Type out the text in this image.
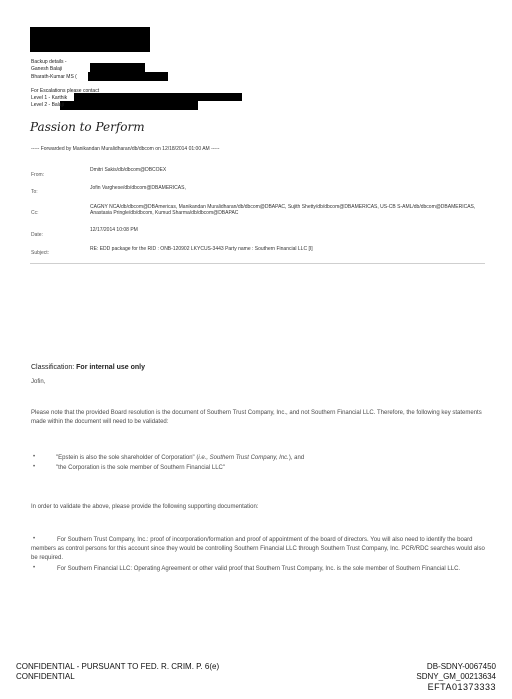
Backup details -
Ganesh Balaji
Bharath-Kumar MS (
For Escalations please contact
Level 1 - Karthik
Level 2 - Balaji
Passion to Perform
----- Forwarded by Manikandan Muralidharan/db/dbcom on 12/18/2014 01:00 AM -----
From:
Dmitri Sakis/db/dbcom@DBCOEX
To:
Jofin Varghese/db/dbcom@DBAMERICAS,
Cc:
CAGNY NCA/db/dbcom@DBAmericas, Manikandan Muralidharan/db/dbcom@DBAPAC, Sujith Shetty/db/dbcom@DBAMERICAS, US-CB S-AML/db/dbcom@DBAMERICAS, Anastasia Pringle/db/dbcom, Kumud Sharma/db/dbcom@DBAPAC
Date:
12/17/2014 10:08 PM
Subject:
RE: EDD package for the RID : ONB-120902 LKYCUS-3443 Party name : Southern Financial LLC [I]
Classification: For internal use only
Jofin,
Please note that the provided Board resolution is the document of Southern Trust Company, Inc., and not Southern Financial LLC. Therefore, the following key statements made within the document will need to be validated:
•	"Epstein is also the sole shareholder of Corporation" (i.e., Southern Trust Company, Inc.), and
•	"the Corporation is the sole member of Southern Financial LLC"
In order to validate the above, please provide the following supporting documentation:
•	For Southern Trust Company, Inc.: proof of incorporation/formation and proof of appointment of the board of directors. You will also need to identify the board members as control persons for this account since they would be controlling Southern Financial LLC through Southern Trust Company, Inc. PCR/RDC searches would also be required.
•	For Southern Financial LLC: Operating Agreement or other valid proof that Southern Trust Company, Inc. is the sole member of Southern Financial LLC.
CONFIDENTIAL - PURSUANT TO FED. R. CRIM. P. 6(e)
CONFIDENTIAL
DB-SDNY-0067450
SDNY_GM_00213634
EFTA01373333
